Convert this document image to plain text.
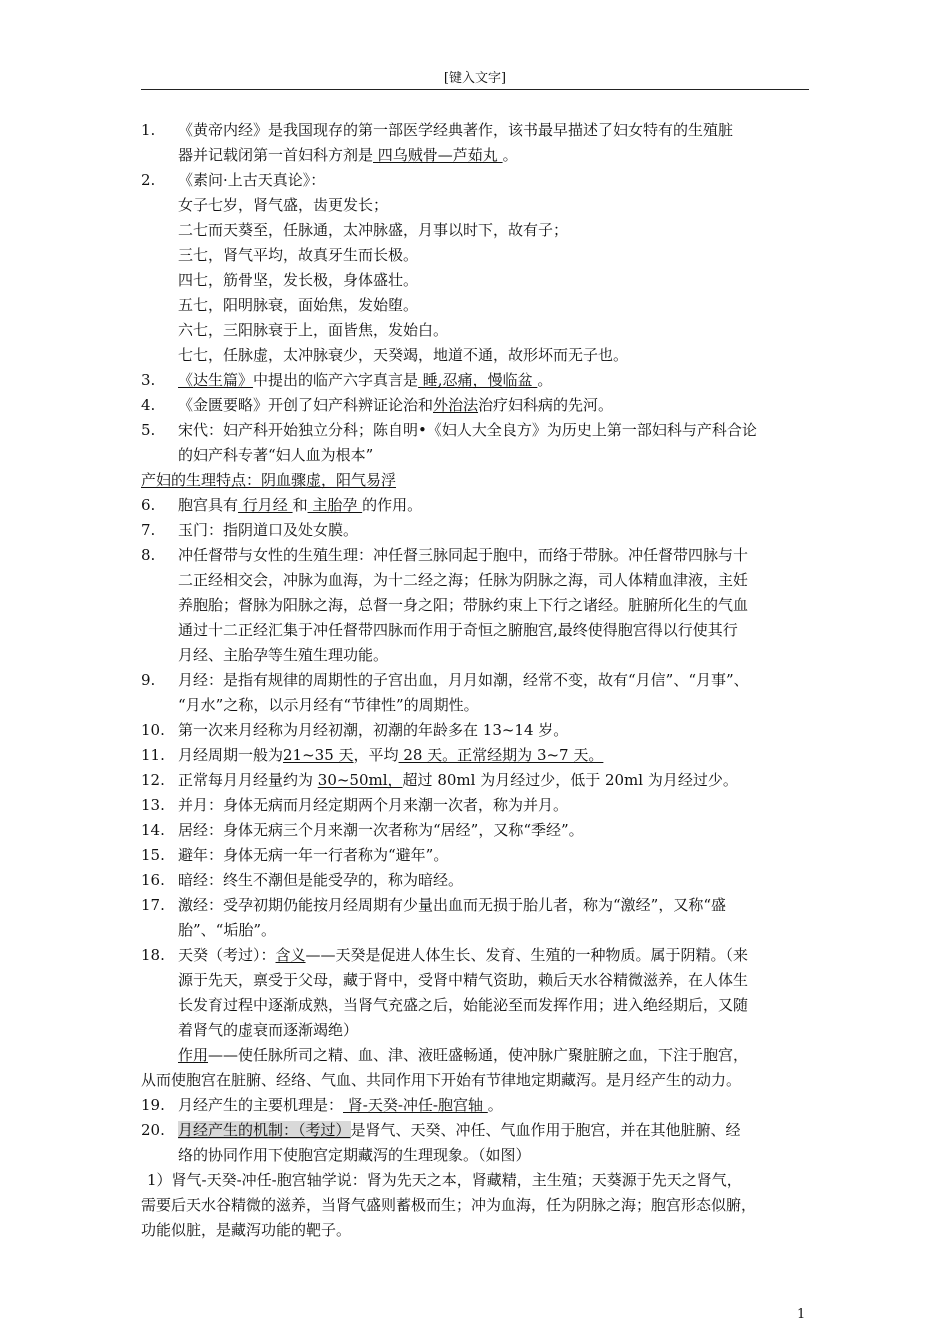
[键入文字]
1.	《黄帝内经》是我国现存的第一部医学经典著作，该书最早描述了妇女特有的生殖脏
器并记载闭第一首妇科方剂是 四乌贼骨—芦茹丸 。
2.	《素问·上古天真论》：
女子七岁，肾气盛，齿更发长；
二七而天葵至，任脉通，太冲脉盛，月事以时下，故有子；
三七，肾气平均，故真牙生而长极。
四七，筋骨坚，发长极，身体盛壮。
五七，阳明脉衰，面始焦，发始堕。
六七，三阳脉衰于上，面皆焦，发始白。
七七，任脉虚，太冲脉衰少，天癸竭，地道不通，故形坏而无子也。
3.	《达生篇》中提出的临产六字真言是 睡,忍痛，慢临盆 。
4.	《金匮要略》开创了妇产科辨证论治和外治法治疗妇科病的先河。
5.	宋代：妇产科开始独立分科；陈自明•《妇人大全良方》为历史上第一部妇科与产科合论
的妇产科专著“妇人血为根本”
产妇的生理特点：阴血骤虚，阳气易浮
6.	胞宫具有 行月经 和 主胎孕 的作用。
7.	玉门：指阴道口及处女膜。
8.	冲任督带与女性的生殖生理：冲任督三脉同起于胞中，而络于带脉。冲任督带四脉与十
二正经相交会，冲脉为血海，为十二经之海；任脉为阴脉之海，司人体精血津液，主妊
养胞胎；督脉为阳脉之海，总督一身之阳；带脉约束上下行之诸经。脏腑所化生的气血
通过十二正经汇集于冲任督带四脉而作用于奇恒之腑胞宫,最终使得胞宫得以行使其行
月经、主胎孕等生殖生理功能。
9.	月经：是指有规律的周期性的子宫出血，月月如潮，经常不变，故有“月信”、“月事”、
“月水”之称，以示月经有“节律性”的周期性。
10. 第一次来月经称为月经初潮，初潮的年龄多在 13~14 岁。
11. 月经周期一般为21~35 天，平均 28 天。正常经期为 3~7 天。
12. 正常每月月经量约为 30~50ml，超过 80ml 为月经过少，低于 20ml 为月经过少。
13. 并月：身体无病而月经定期两个月来潮一次者，称为并月。
14. 居经：身体无病三个月来潮一次者称为“居经”，又称“季经”。
15. 避年：身体无病一年一行者称为“避年”。
16. 暗经：终生不潮但是能受孕的，称为暗经。
17. 激经：受孕初期仍能按月经周期有少量出血而无损于胎儿者，称为“激经”，又称“盛
胎”、“垢胎”。
18. 天癸（考过）：含义——天癸是促进人体生长、发育、生殖的一种物质。属于阴精。（来
源于先天，禀受于父母，藏于肾中，受肾中精气资助，赖后天水谷精微滋养，在人体生
长发育过程中逐渐成熟，当肾气充盛之后，始能泌至而发挥作用；进入绝经期后，又随
着肾气的虚衰而逐渐竭绝）
作用——使任脉所司之精、血、津、液旺盛畅通，使冲脉广聚脏腑之血，下注于胞宫，
从而使胞宫在脏腑、经络、气血、共同作用下开始有节律地定期藏泻。是月经产生的动力。
19. 月经产生的主要机理是： 肾-天癸-冲任-胞宫轴 。
20. 月经产生的机制：（考过）是肾气、天癸、冲任、气血作用于胞宫，并在其他脏腑、经
络的协同作用下使胞宫定期藏泻的生理现象。（如图）
1）肾气-天癸-冲任-胞宫轴学说：肾为先天之本，肾藏精，主生殖；天葵源于先天之肾气，
需要后天水谷精微的滋养，当肾气盛则蓄极而生；冲为血海，任为阴脉之海；胞宫形态似腑，
功能似脏，是藏泻功能的靶子。
1
